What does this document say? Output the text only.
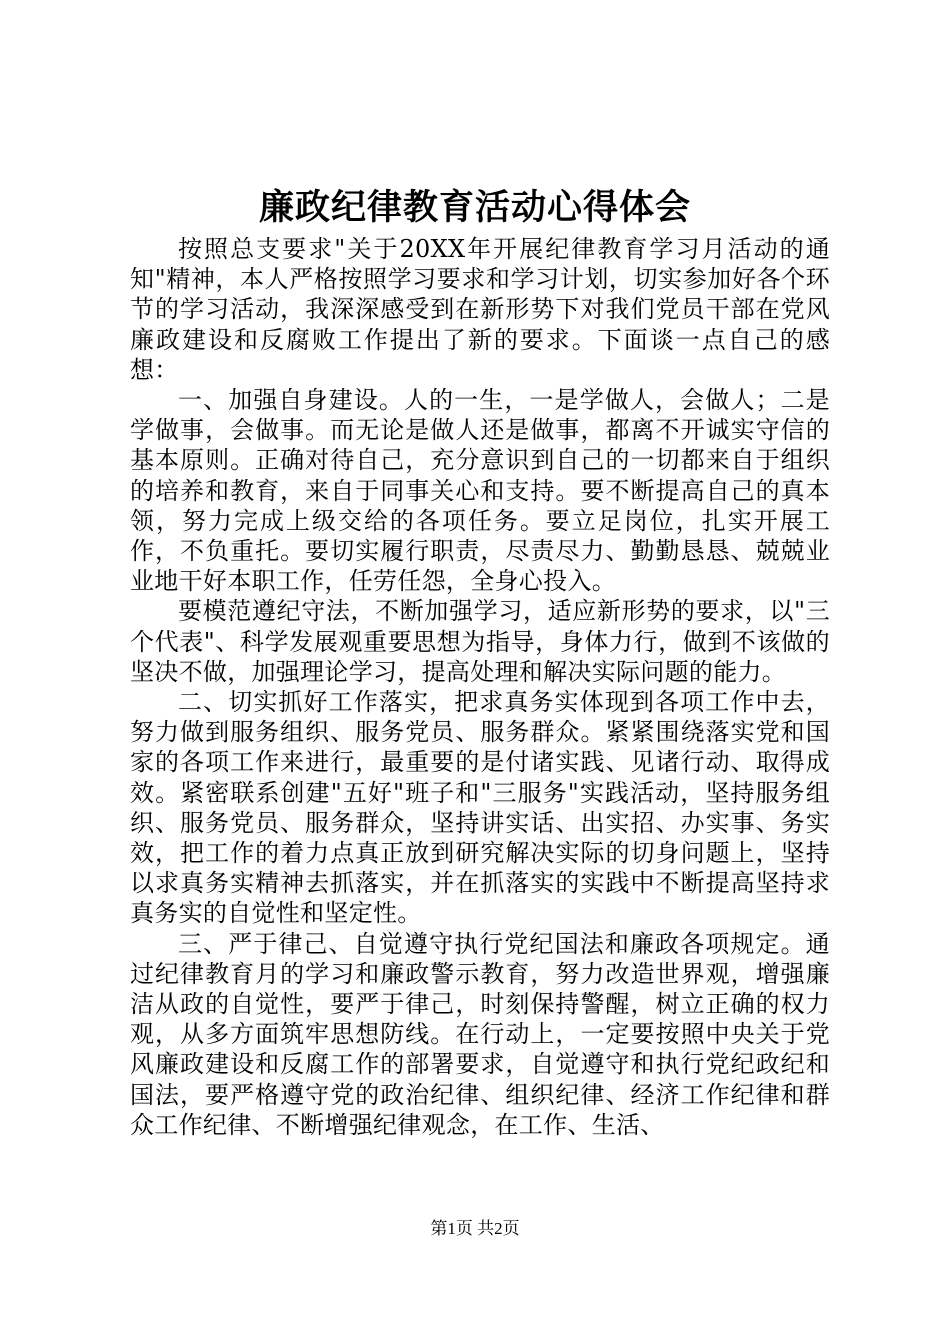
廉政纪律教育活动心得体会

按照总支要求"关于20XX年开展纪律教育学习月活动的通知"精神，本人严格按照学习要求和学习计划，切实参加好各个环节的学习活动，我深深感受到在新形势下对我们党员干部在党风廉政建设和反腐败工作提出了新的要求。下面谈一点自己的感想：

一、加强自身建设。人的一生，一是学做人，会做人；二是学做事，会做事。而无论是做人还是做事，都离不开诚实守信的基本原则。正确对待自己，充分意识到自己的一切都来自于组织的培养和教育，来自于同事关心和支持。要不断提高自己的真本领，努力完成上级交给的各项任务。要立足岗位，扎实开展工作，不负重托。要切实履行职责，尽责尽力、勤勤恳恳、兢兢业业地干好本职工作，任劳任怨，全身心投入。

要模范遵纪守法，不断加强学习，适应新形势的要求，以"三个代表"、科学发展观重要思想为指导，身体力行，做到不该做的坚决不做，加强理论学习，提高处理和解决实际问题的能力。

二、切实抓好工作落实，把求真务实体现到各项工作中去，努力做到服务组织、服务党员、服务群众。紧紧围绕落实党和国家的各项工作来进行，最重要的是付诸实践、见诸行动、取得成效。紧密联系创建"五好"班子和"三服务"实践活动，坚持服务组织、服务党员、服务群众，坚持讲实话、出实招、办实事、务实效，把工作的着力点真正放到研究解决实际的切身问题上，坚持以求真务实精神去抓落实，并在抓落实的实践中不断提高坚持求真务实的自觉性和坚定性。

三、严于律己、自觉遵守执行党纪国法和廉政各项规定。通过纪律教育月的学习和廉政警示教育，努力改造世界观，增强廉洁从政的自觉性，要严于律己，时刻保持警醒，树立正确的权力观，从多方面筑牢思想防线。在行动上，一定要按照中央关于党风廉政建设和反腐工作的部署要求，自觉遵守和执行党纪政纪和国法，要严格遵守党的政治纪律、组织纪律、经济工作纪律和群众工作纪律、不断增强纪律观念，在工作、生活、

第1页 共2页
